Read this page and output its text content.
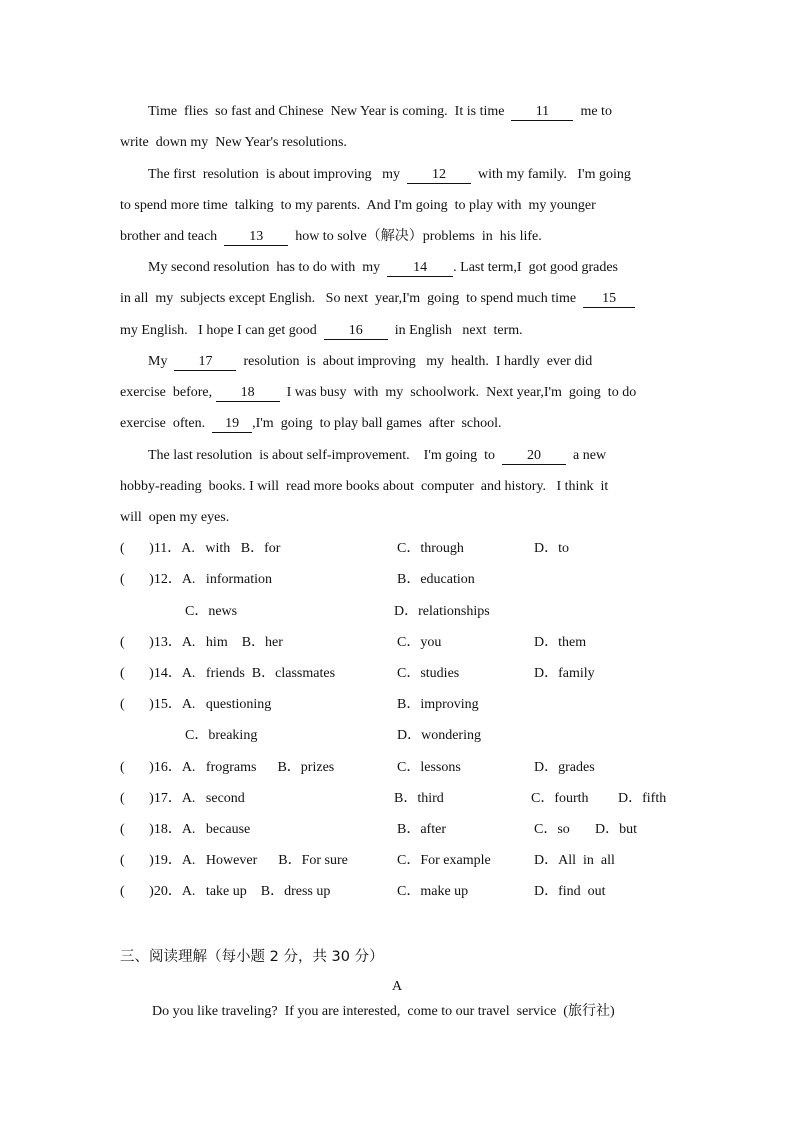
Time  flies  so fast and Chinese  New Year is coming.  It is time  11  me to
write  down my  New Year's resolutions.
The first  resolution  is about improving   my  12  with my family.   I'm going
to spend more time  talking  to my parents.  And I'm going  to play with  my younger
brother and teach  13  how to solve（解决）problems  in  his life.
My second resolution  has to do with  my  14 . Last term,I  got good grades
in all  my  subjects except English.   So next  year,I'm  going  to spend much time  15
my English.   I hope I can get good  16  in English   next  term.
My  17  resolution  is  about improving   my  health.  I hardly  ever did
exercise  before, 18  I was busy  with  my  schoolwork.  Next year,I'm  going  to do
exercise  often.  19 ,I'm  going  to play ball games  after  school.
The last resolution  is about self-improvement.    I'm going  to  20  a new
hobby-reading  books. I will  read more books about  computer  and history.   I think  it
will  open my eyes.
(       )11．A.   with   B．for	C．through	D．to
(       )12．A.   information	B．education
C．news	D．relationships
(       )13．A.   him    B．her	C．you	D．them
(       )14．A.   friends  B．classmates	C．studies	D．family
(       )15．A.   questioning	B．improving
C．breaking	D．wondering
(       )16．A.   frograms      B．prizes	C．lessons	D．grades
(       )17．A.   second	B．third	C．fourth D．fifth
(       )18．A.   because	B．after	C．so D．but
(       )19．A.   However      B．For sure	C．For example	D．All  in  all
(       )20．A.   take up    B．dress up	C．make up	D．find  out
三、阅读理解（每小题 2 分，共 30 分）
A
Do you like traveling?  If you are interested,  come to our travel  service  (旅行社)
